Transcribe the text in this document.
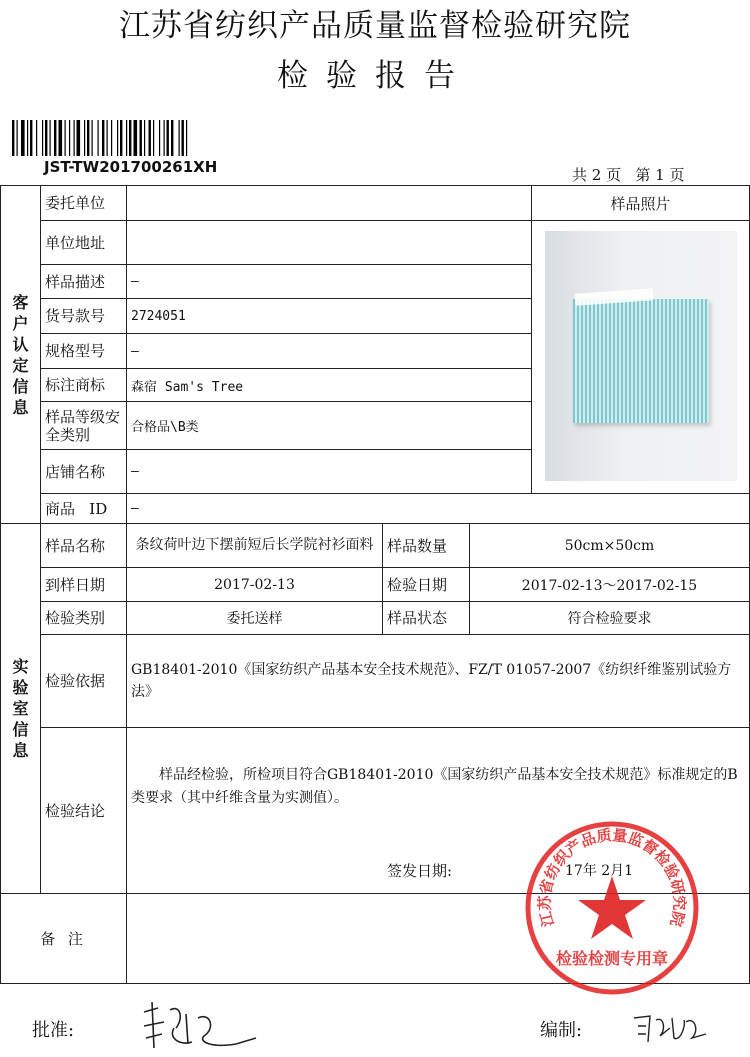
江苏省纺织产品质量监督检验研究院
检验报告
JST-TW201700261XH	共 2 页   第 1 页
客户认定信息	委托单位				样品照片
	单位地址				

	样品描述	—			
	货号款号	2724051			
	规格型号	—			
	标注商标	森宿 Sam's Tree			
	样品等级安全类别	合格品\B类			
	店铺名称	—			
	商品   ID	—			

实验室信息	样品名称	条纹荷叶边下摆前短后长学院衬衫面料	样品数量	50cm×50cm	
	到样日期	2017-02-13	检验日期	2017-02-13～2017-02-15	
	检验类别	委托送样	样品状态	符合检验要求	
	检验依据	GB18401-2010《国家纺织产品基本安全技术规范》、FZ/T 01057-2007《纺织纤维鉴别试验方法》			
	检验结论	样品经检验，所检项目符合GB18401-2010《国家纺织产品基本安全技术规范》标准规定的B类要求（其中纤维含量为实测值）。
签发日期: 17年 2月1			

备 注					
江苏省纺织产品质量监督检验研究院
检验检测专用章
批准:	编制:
